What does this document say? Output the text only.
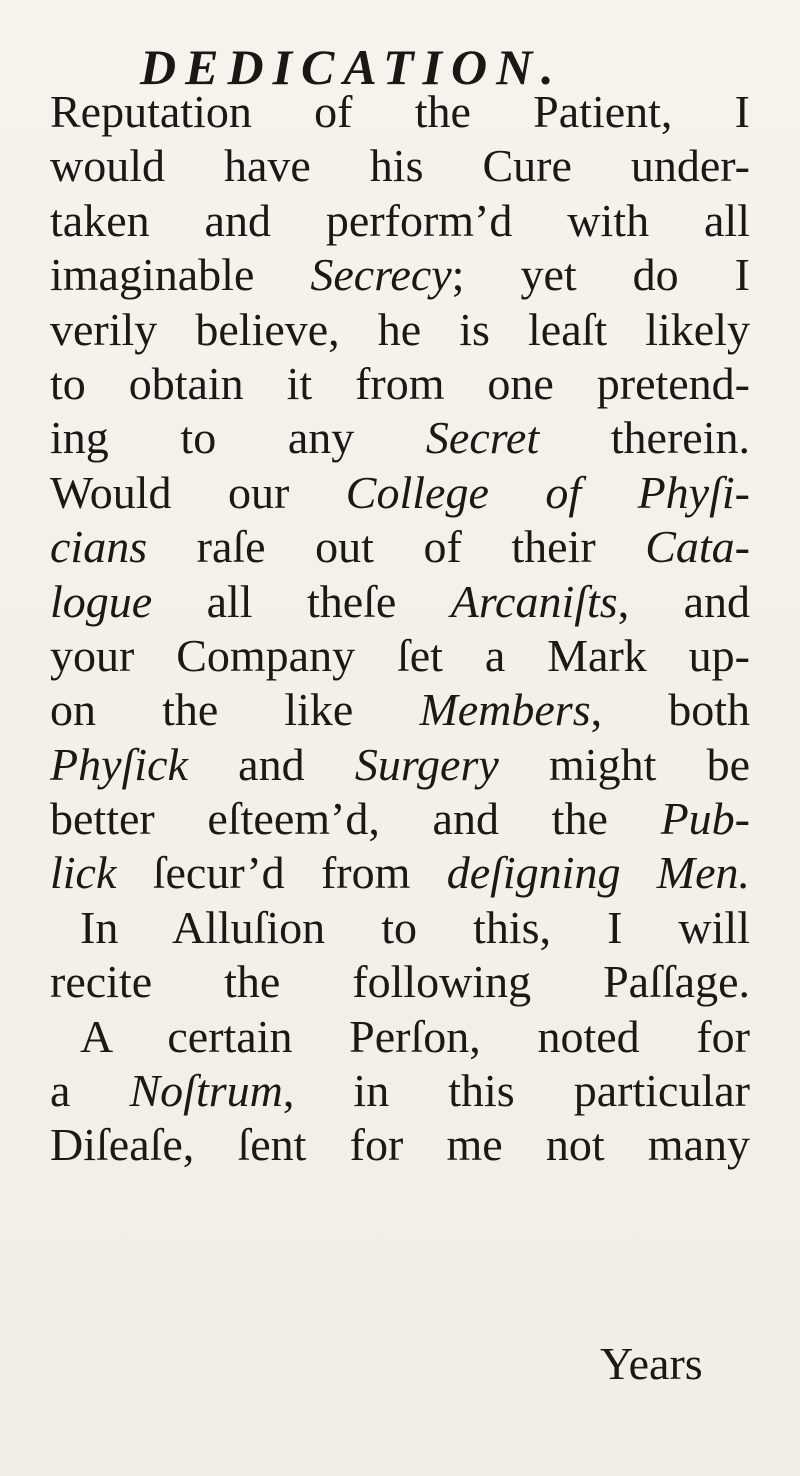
DEDICATION.
Reputation of the Patient, I
would have his Cure under-
taken and perform’d with all
imaginable Secrecy; yet do I
verily believe, he is leaſt likely
to obtain it from one pretend-
ing to any Secret therein.
Would our College of Phyſi-
cians raſe out of their Cata-
logue all theſe Arcaniſts, and
your Company ſet a Mark up-
on the like Members, both
Phyſick and Surgery might be
better eſteem’d, and the Pub-
lick ſecur’d from deſigning Men.
In Alluſion to this, I will
recite the following Paſſage.
A certain Perſon, noted for
a Noſtrum, in this particular
Diſeaſe, ſent for me not many
Years
